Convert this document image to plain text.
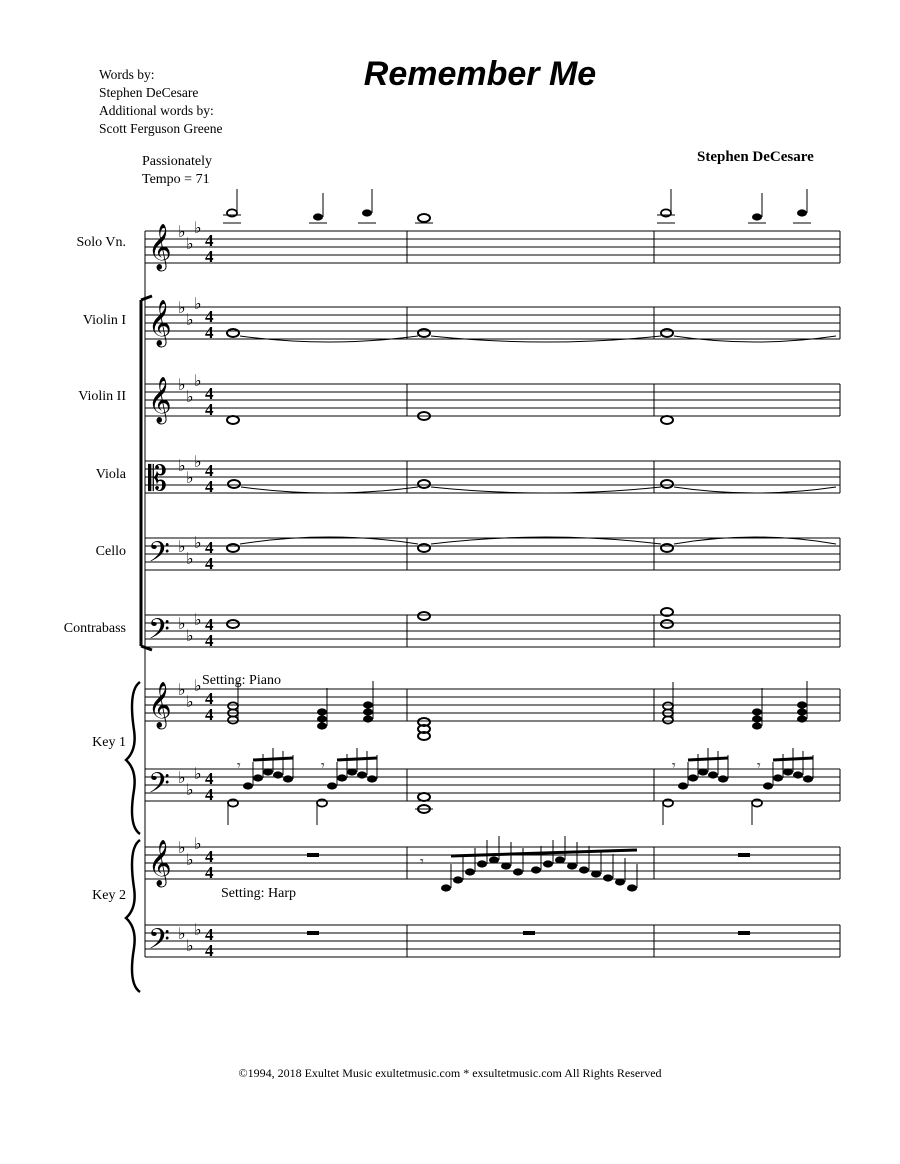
Remember Me
Words by:
Stephen DeCesare
Additional words by:
Scott Ferguson Greene
Stephen DeCesare
Passionately
Tempo = 71
Solo Vn.
Violin I
Violin II
Viola
Cello
Contrabass
Key 1
Key 2
Setting: Piano
Setting: Harp
𝄞 ♭
♭
♭
4
4
𝄞 ♭
♭
♭
4
4
𝄞 ♭
♭
♭
4
4
𝄡 ♭
♭
♭ 4
4
𝄢 ♭
♭
♭ 4
4
𝄢 ♭
♭
♭ 4
4
𝄞 ♭
♭
♭
4
4
𝄢 ♭
♭
♭ 4
4
𝄞 ♭
♭
♭
4
4
𝄢 ♭
♭
♭ 4
4
𝄾	𝄾	𝄾	𝄾
𝄾
©1994, 2018 Exultet Music exultetmusic.com * exsultetmusic.com All Rights Reserved
